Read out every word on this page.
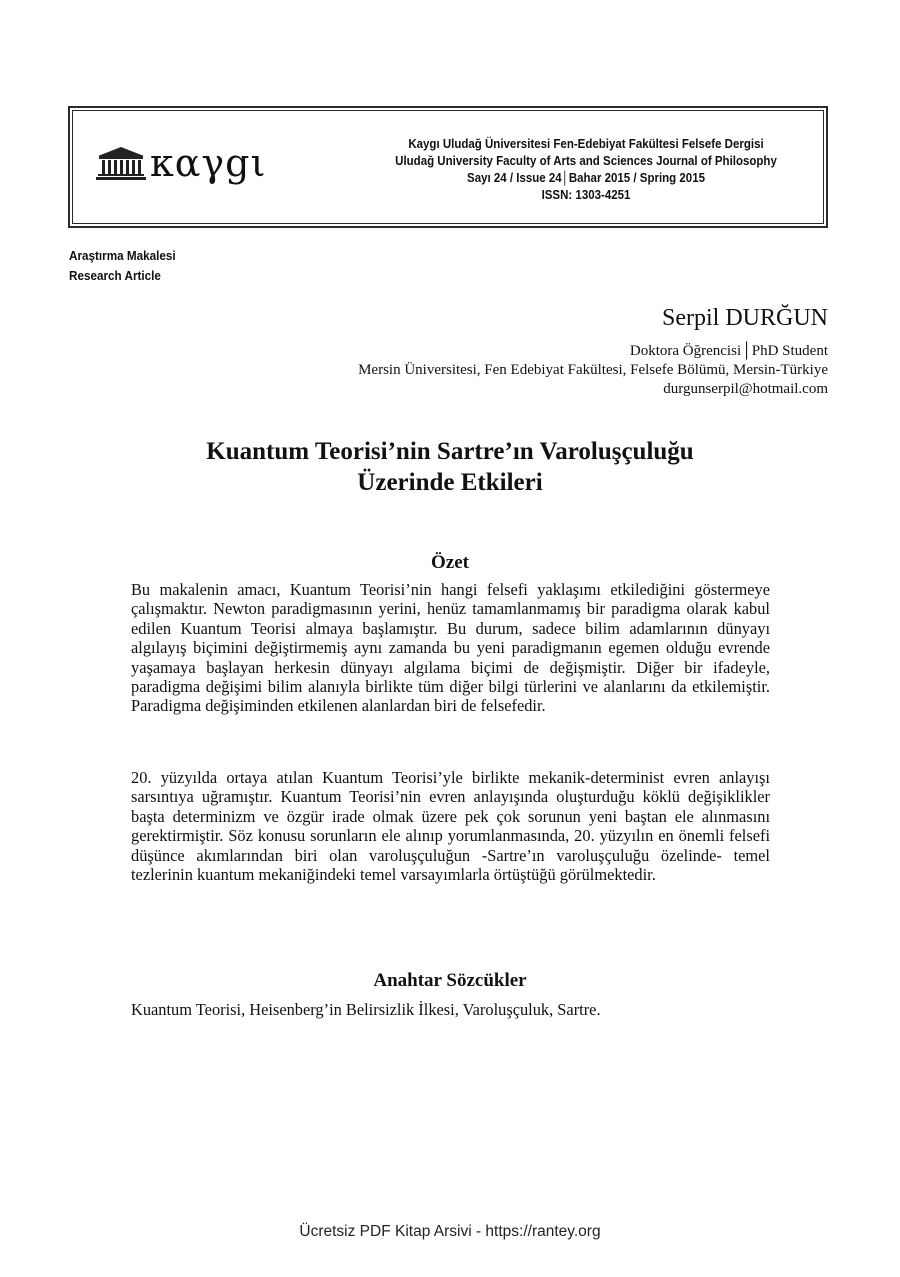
καγgι	Kaygı Uludağ Üniversitesi Fen-Edebiyat Fakültesi Felsefe Dergisi
Uludağ University Faculty of Arts and Sciences Journal of Philosophy
Sayı 24 / Issue 24│Bahar 2015 / Spring 2015
ISSN: 1303-4251
Araştırma Makalesi
Research Article
Serpil DURĞUN
Doktora Öğrencisi│PhD Student
Mersin Üniversitesi, Fen Edebiyat Fakültesi, Felsefe Bölümü, Mersin-Türkiye
durgunserpil@hotmail.com
Kuantum Teorisi’nin Sartre’ın Varoluşçuluğu
Üzerinde Etkileri
Özet

Bu makalenin amacı, Kuantum Teorisi’nin hangi felsefi yaklaşımı etkilediğini göstermeye çalışmaktır. Newton paradigmasının yerini, henüz tamamlanmamış bir paradigma olarak kabul edilen Kuantum Teorisi almaya başlamıştır. Bu durum, sadece bilim adamlarının dünyayı algılayış biçimini değiştirmemiş aynı zamanda bu yeni paradigmanın egemen olduğu evrende yaşamaya başlayan herkesin dünyayı algılama biçimi de değişmiştir. Diğer bir ifadeyle, paradigma değişimi bilim alanıyla birlikte tüm diğer bilgi türlerini ve alanlarını da etkilemiştir. Paradigma değişiminden etkilenen alanlardan biri de felsefedir.

20. yüzyılda ortaya atılan Kuantum Teorisi’yle birlikte mekanik-determinist evren anlayışı sarsıntıya uğramıştır. Kuantum Teorisi’nin evren anlayışında oluşturduğu köklü değişiklikler başta determinizm ve özgür irade olmak üzere pek çok sorunun yeni baştan ele alınmasını gerektirmiştir. Söz konusu sorunların ele alınıp yorumlanmasında, 20. yüzyılın en önemli felsefi düşünce akımlarından biri olan varoluşçuluğun -Sartre’ın varoluşçuluğu özelinde- temel tezlerinin kuantum mekaniğindeki temel varsayımlarla örtüştüğü görülmektedir.

Anahtar Sözcükler

Kuantum Teorisi, Heisenberg’in Belirsizlik İlkesi, Varoluşçuluk, Sartre.

Ücretsiz PDF Kitap Arsivi - https://rantey.org
